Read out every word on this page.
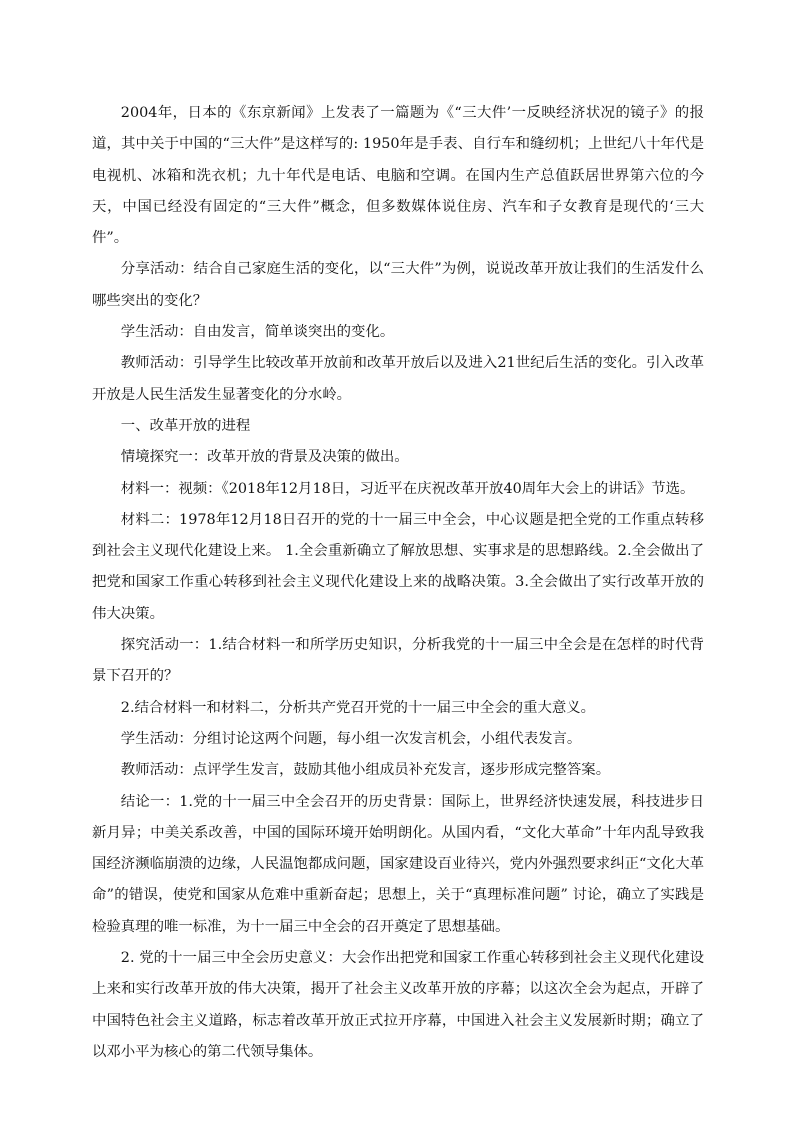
2004年，日本的《东京新闻》上发表了一篇题为《“三大件’一反映经济状况的镜子》的报道，其中关于中国的“三大件”是这样写的: 1950年是手表、自行车和缝纫机；上世纪八十年代是电视机、冰箱和洗衣机；九十年代是电话、电脑和空调。在国内生产总值跃居世界第六位的今天，中国已经没有固定的“三大件”概念，但多数媒体说住房、汽车和子女教育是现代的‘三大件”。

分享活动：结合自己家庭生活的变化，以“三大件”为例，说说改革开放让我们的生活发什么哪些突出的变化？

学生活动：自由发言，简单谈突出的变化。

教师活动：引导学生比较改革开放前和改革开放后以及进入21世纪后生活的变化。引入改革开放是人民生活发生显著变化的分水岭。

一、改革开放的进程

情境探究一：改革开放的背景及决策的做出。

材料一：视频：《2018年12月18日，习近平在庆祝改革开放40周年大会上的讲话》节选。

材料二：1978年12月18日召开的党的十一届三中全会，中心议题是把全党的工作重点转移到社会主义现代化建设上来。 1.全会重新确立了解放思想、实事求是的思想路线。2.全会做出了把党和国家工作重心转移到社会主义现代化建设上来的战略决策。3.全会做出了实行改革开放的伟大决策。

探究活动一：1.结合材料一和所学历史知识，分析我党的十一届三中全会是在怎样的时代背景下召开的？

2.结合材料一和材料二，分析共产党召开党的十一届三中全会的重大意义。

学生活动：分组讨论这两个问题，每小组一次发言机会，小组代表发言。

教师活动：点评学生发言，鼓励其他小组成员补充发言，逐步形成完整答案。

结论一：1.党的十一届三中全会召开的历史背景：国际上，世界经济快速发展，科技进步日新月异；中美关系改善，中国的国际环境开始明朗化。从国内看，“文化大革命”十年内乱导致我国经济濒临崩溃的边缘，人民温饱都成问题，国家建设百业待兴，党内外强烈要求纠正“文化大革命”的错误，使党和国家从危难中重新奋起；思想上，关于“真理标准问题” 讨论，确立了实践是检验真理的唯一标准，为十一届三中全会的召开奠定了思想基础。

2. 党的十一届三中全会历史意义：大会作出把党和国家工作重心转移到社会主义现代化建设上来和实行改革开放的伟大决策，揭开了社会主义改革开放的序幕；以这次全会为起点，开辟了中国特色社会主义道路，标志着改革开放正式拉开序幕，中国进入社会主义发展新时期；确立了以邓小平为核心的第二代领导集体。
